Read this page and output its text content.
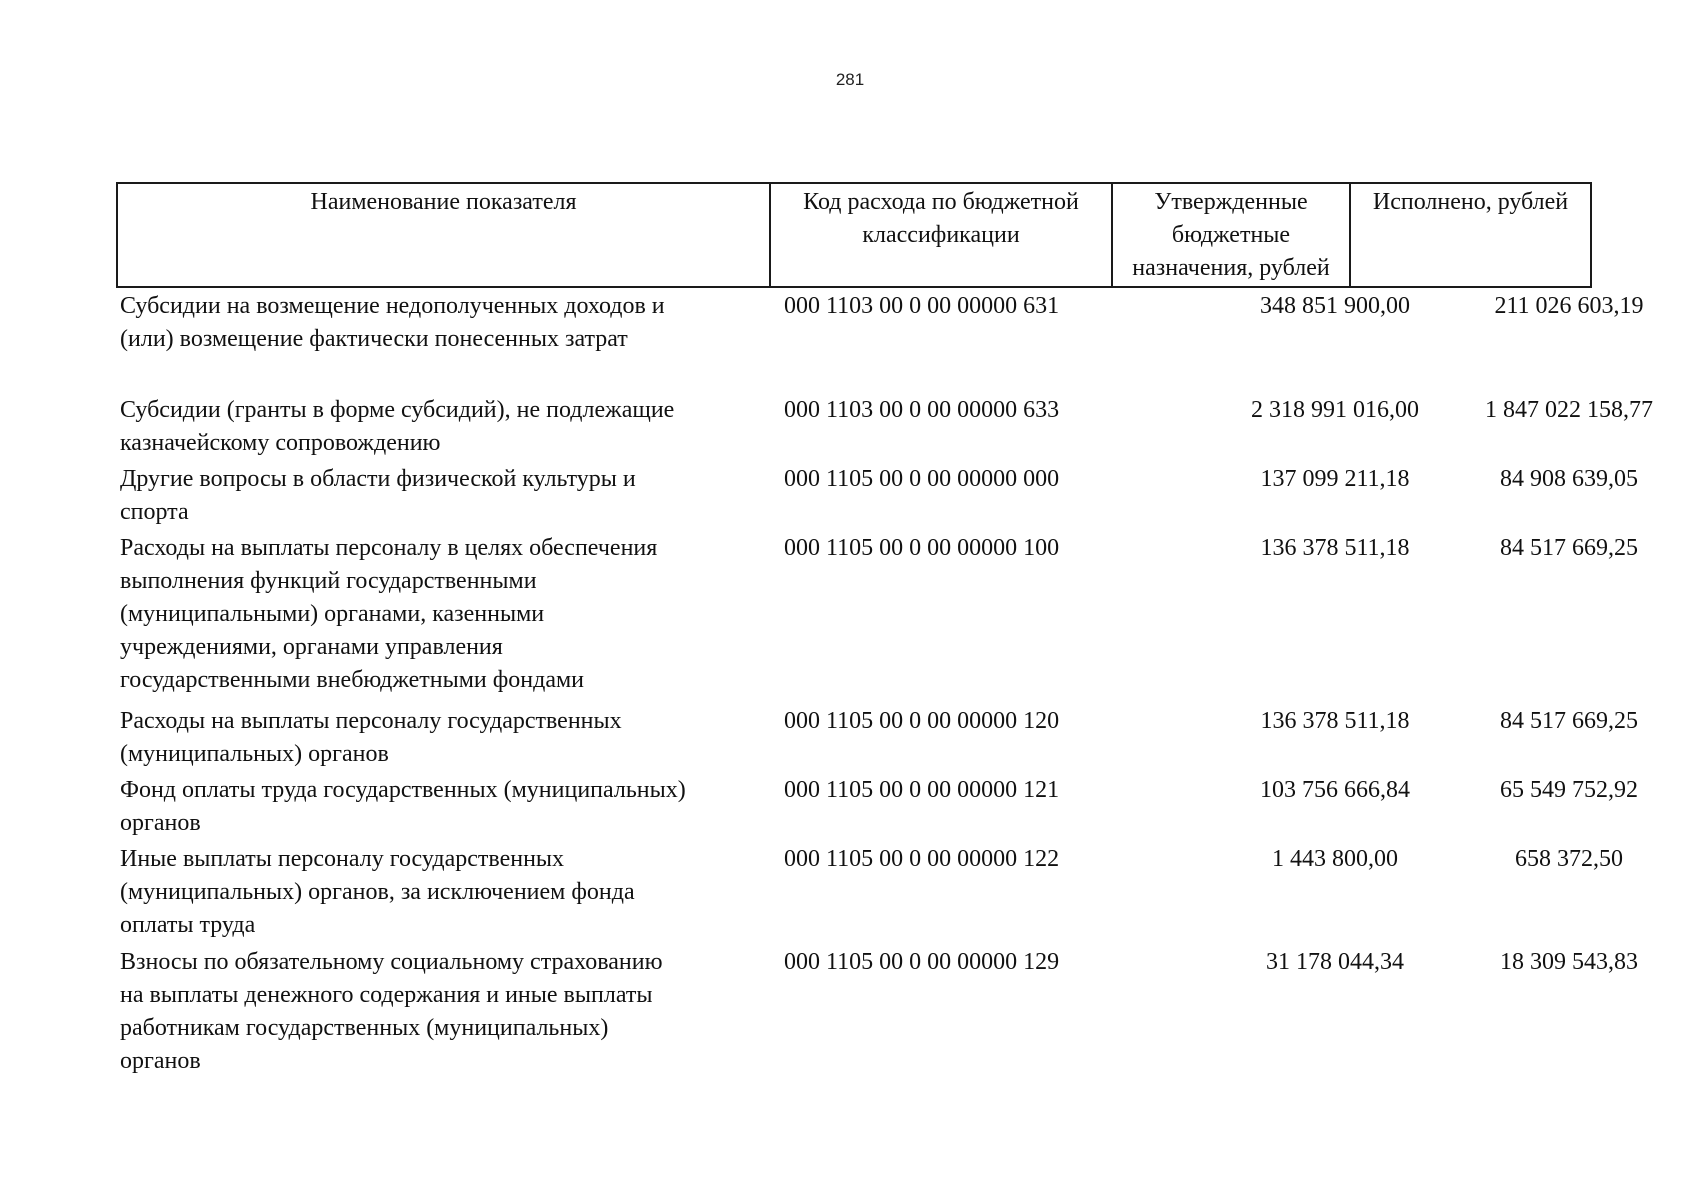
281
Наименование показателя	Код расхода по бюджетной классификации	Утвержденные бюджетные назначения, рублей	Исполнено, рублей
Субсидии на возмещение недополученных доходов и
(или) возмещение фактически понесенных затрат
000 1103 00 0 00 00000 631	348 851 900,00	211 026 603,19
Субсидии (гранты в форме субсидий), не подлежащие
казначейскому сопровождению
000 1103 00 0 00 00000 633	2 318 991 016,00	1 847 022 158,77
Другие вопросы в области физической культуры и
спорта
000 1105 00 0 00 00000 000	137 099 211,18	84 908 639,05
Расходы на выплаты персоналу в целях обеспечения
выполнения функций государственными
(муниципальными) органами, казенными
учреждениями, органами управления
государственными внебюджетными фондами
000 1105 00 0 00 00000 100	136 378 511,18	84 517 669,25
Расходы на выплаты персоналу государственных
(муниципальных) органов
000 1105 00 0 00 00000 120	136 378 511,18	84 517 669,25
Фонд оплаты труда государственных (муниципальных)
органов
000 1105 00 0 00 00000 121	103 756 666,84	65 549 752,92
Иные выплаты персоналу государственных
(муниципальных) органов, за исключением фонда
оплаты труда
000 1105 00 0 00 00000 122	1 443 800,00	658 372,50
Взносы по обязательному социальному страхованию
на выплаты денежного содержания и иные выплаты
работникам государственных (муниципальных)
органов
000 1105 00 0 00 00000 129	31 178 044,34	18 309 543,83
